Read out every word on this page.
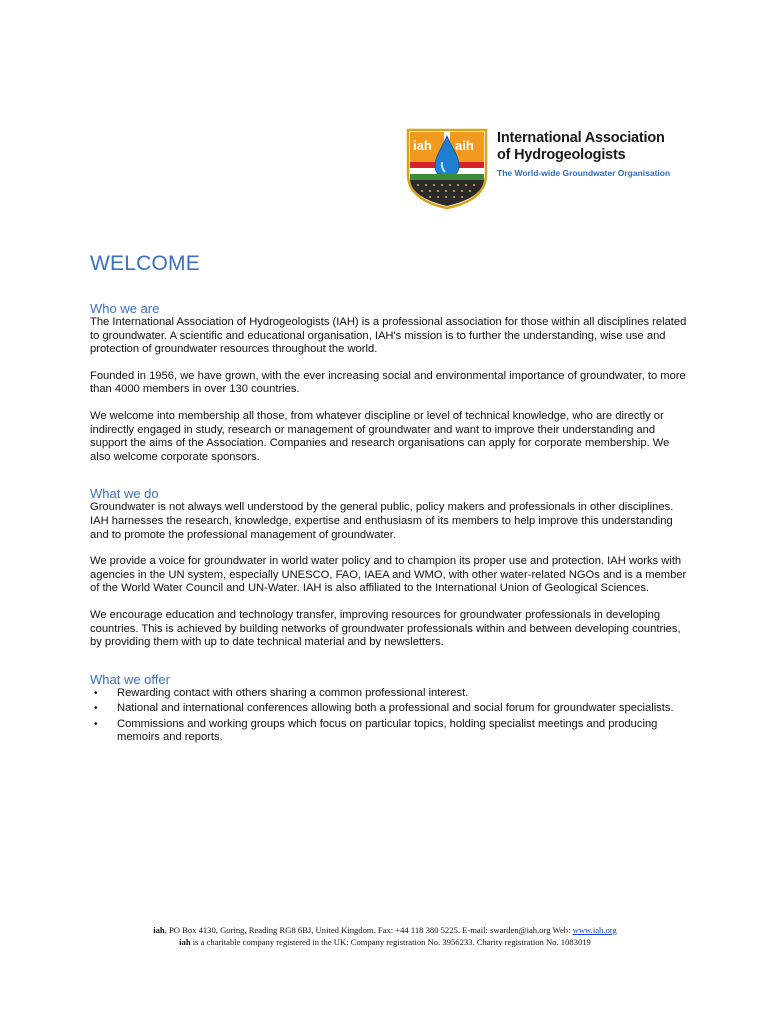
iah aih International Association
of Hydrogeologists
The World-wide Groundwater Organisation
WELCOME
Who we are

The International Association of Hydrogeologists (IAH) is a professional association for those within all disciplines related to groundwater. A scientific and educational organisation, IAH's mission is to further the understanding, wise use and protection of groundwater resources throughout the world.

Founded in 1956, we have grown, with the ever increasing social and environmental importance of groundwater, to more than 4000 members in over 130 countries.

We welcome into membership all those, from whatever discipline or level of technical knowledge, who are directly or indirectly engaged in study, research or management of groundwater and want to improve their understanding and support the aims of the Association. Companies and research organisations can apply for corporate membership. We also welcome corporate sponsors.

What we do

Groundwater is not always well understood by the general public, policy makers and professionals in other disciplines. IAH harnesses the research, knowledge, expertise and enthusiasm of its members to help improve this understanding and to promote the professional management of groundwater.

We provide a voice for groundwater in world water policy and to champion its proper use and protection. IAH works with agencies in the UN system, especially UNESCO, FAO, IAEA and WMO, with other water-related NGOs and is a member of the World Water Council and UN-Water. IAH is also affiliated to the International Union of Geological Sciences.

We encourage education and technology transfer, improving resources for groundwater professionals in developing countries. This is achieved by building networks of groundwater professionals within and between developing countries, by providing them with up to date technical material and by newsletters.

What we offer
• Rewarding contact with others sharing a common professional interest.
• National and international conferences allowing both a professional and social forum for groundwater specialists.
• Commissions and working groups which focus on particular topics, holding specialist meetings and producing memoirs and reports.
iah, PO Box 4130, Goring, Reading RG8 6BJ, United Kingdom. Fax: +44 118 380 5225. E-mail: swarden@iah.org Web: www.iah.org
iah is a charitable company registered in the UK: Company registration No. 3956233. Charity registration No. 1083019
